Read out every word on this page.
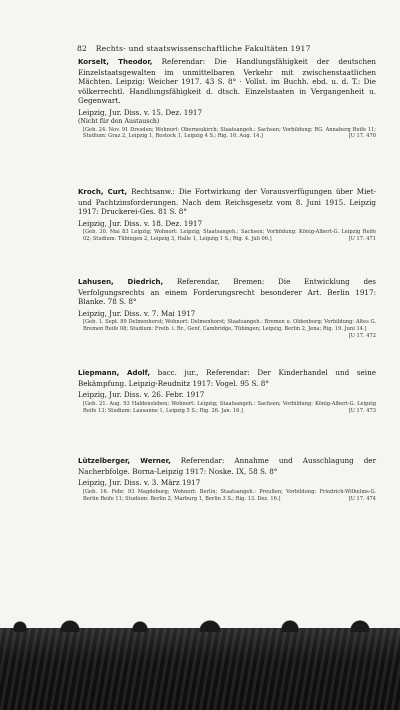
82 Rechts- und staatswissenschaftliche Fakultäten 1917
Korselt, Theodor, Referendar: Die Handlungsfähigkeit der deutschen Einzelstaatsgewalten im unmittelbaren Verkehr mit zwischenstaatlichen Mächten. Leipzig: Weicher 1917. 43 S. 8° · Vollst. im Buchh. ebd. u. d. T.: Die völkerrechtl. Handlungsfähigkeit d. dtsch. Einzelstaaten in Vergangenheit u. Gegenwart.
Leipzig, Jur. Diss. v. 15. Dez. 1917
(Nicht für den Austausch)
[Geb. 24. Nov. 91 Dresden; Wohnort: Oberneukirch; Staatsangeh.: Sachsen; Vorbildung: RG. Annaberg Reife 11; Studium: Graz 2, Leipzig 1, Rostock 1, Leipzig 4 S.; Rig. 10. Aug. 14.]	[U 17. 470
Kroch, Curt, Rechtsanw.: Die Fortwirkung der Vorausverfügungen über Miet- und Pachtzinsforderungen. Nach dem Reichsgesetz vom 8. Juni 1915. Leipzig 1917: Druckerei-Ges. 81 S. 8°
Leipzig, Jur. Diss. v. 18. Dez. 1917
[Geb. 30. Mai 83 Leipzig; Wohnort: Leipzig; Staatsangeh.: Sachsen; Vorbildung: König-Albert-G. Leipzig Reife 02; Studium: Tübingen 2, Leipzig 3, Halle 1, Leipzig 1 S.; Rig. 4. Juli 06.]	[U 17. 471
Lahusen, Diedrich, Referendar, Bremen: Die Entwicklung des Verfolgungsrechts an einem Forderungsrecht besonderer Art. Berlin 1917: Blanke. 78 S. 8°
Leipzig, Jur. Diss. v. 7. Mai 1917
[Geb. 1. Sept. 89 Delmenhorst; Wohnort: Delmenhorst; Staatsangeh.: Bremen u. Oldenburg; Vorbildung: Altes G. Bremen Reife 08; Studium: Freib. i. Br., Genf, Cambridge, Tübingen; Leipzig, Berlin 2, Jena; Rig. 19. Juni 14.]
[U 17. 472
Liepmann, Adolf, bacc. jur., Referendar: Der Kinderhandel und seine Bekämpfung. Leipzig-Reudnitz 1917: Vogel. 95 S. 8°
Leipzig, Jur. Diss. v. 26. Febr. 1917
[Geb. 21. Aug. 93 Haldensleben; Wohnort: Leipzig; Staatsangeh.: Sachsen; Vorbildung: König-Albert-G. Leipzig Reife 13; Studium: Lausanne 1, Leipzig 5 S.; Rig. 26. Jan. 16.]	[U 17. 473
Lützelberger, Werner, Referendar: Annahme und Ausschlagung der Nacherbfolge. Borna-Leipzig 1917: Noske. IX, 58 S. 8°
Leipzig, Jur. Diss. v. 3. März 1917
[Geb. 16. Febr. 93 Magdeburg; Wohnort: Berlin; Staatsangeh.: Preußen; Vorbildung: Friedrich-Wilhelms-G. Berlin Reife 11; Studium: Berlin 2, Marburg 1, Berlin 3 S.; Rig. 13. Dez. 16.]	[U 17. 474
